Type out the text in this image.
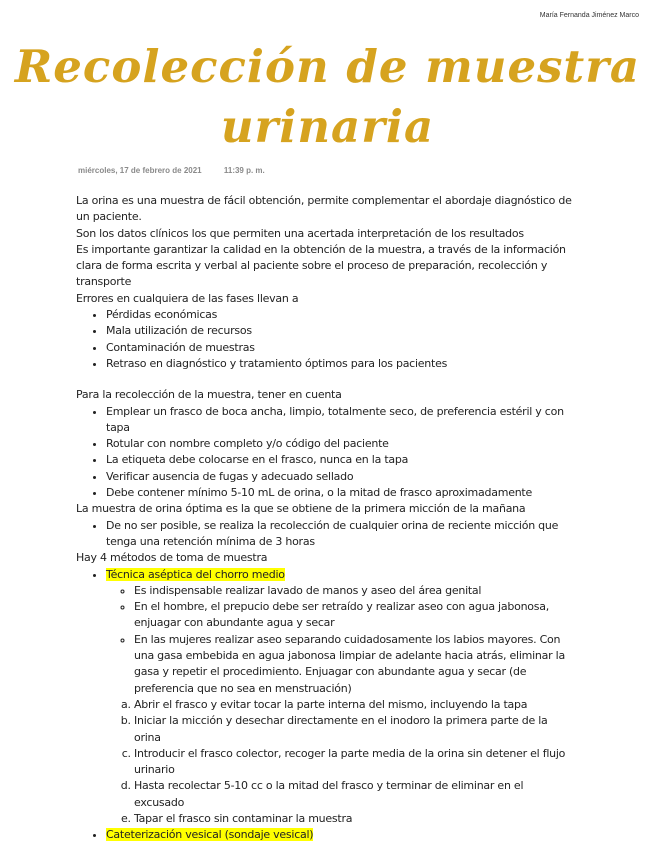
María Fernanda Jiménez Marco
Recolección de muestra
urinaria
miércoles, 17 de febrero de 2021	11:39 p. m.

La orina es una muestra de fácil obtención, permite complementar el abordaje diagnóstico de un paciente.

Son los datos clínicos los que permiten una acertada interpretación de los resultados

Es importante garantizar la calidad en la obtención de la muestra, a través de la información clara de forma escrita y verbal al paciente sobre el proceso de preparación, recolección y transporte

Errores en cualquiera de las fases llevan a

• Pérdidas económicas
• Mala utilización de recursos
• Contaminación de muestras
• Retraso en diagnóstico y tratamiento óptimos para los pacientes

Para la recolección de la muestra, tener en cuenta

• Emplear un frasco de boca ancha, limpio, totalmente seco, de preferencia estéril y con tapa
• Rotular con nombre completo y/o código del paciente
• La etiqueta debe colocarse en el frasco, nunca en la tapa
• Verificar ausencia de fugas y adecuado sellado
• Debe contener mínimo 5-10 mL de orina, o la mitad de frasco aproximadamente

La muestra de orina óptima es la que se obtiene de la primera micción de la mañana

• De no ser posible, se realiza la recolección de cualquier orina de reciente micción que tenga una retención mínima de 3 horas

Hay 4 métodos de toma de muestra

• Técnica aséptica del chorro medio
◦ Es indispensable realizar lavado de manos y aseo del área genital
◦ En el hombre, el prepucio debe ser retraído y realizar aseo con agua jabonosa, enjuagar con abundante agua y secar
◦ En las mujeres realizar aseo separando cuidadosamente los labios mayores. Con una gasa embebida en agua jabonosa limpiar de adelante hacia atrás, eliminar la gasa y repetir el procedimiento. Enjuagar con abundante agua y secar (de preferencia que no sea en menstruación)
a. Abrir el frasco y evitar tocar la parte interna del mismo, incluyendo la tapa
b. Iniciar la micción y desechar directamente en el inodoro la primera parte de la orina
c. Introducir el frasco colector, recoger la parte media de la orina sin detener el flujo urinario
d. Hasta recolectar 5-10 cc o la mitad del frasco y terminar de eliminar en el excusado
e. Tapar el frasco sin contaminar la muestra
• Cateterización vesical (sondaje vesical)
